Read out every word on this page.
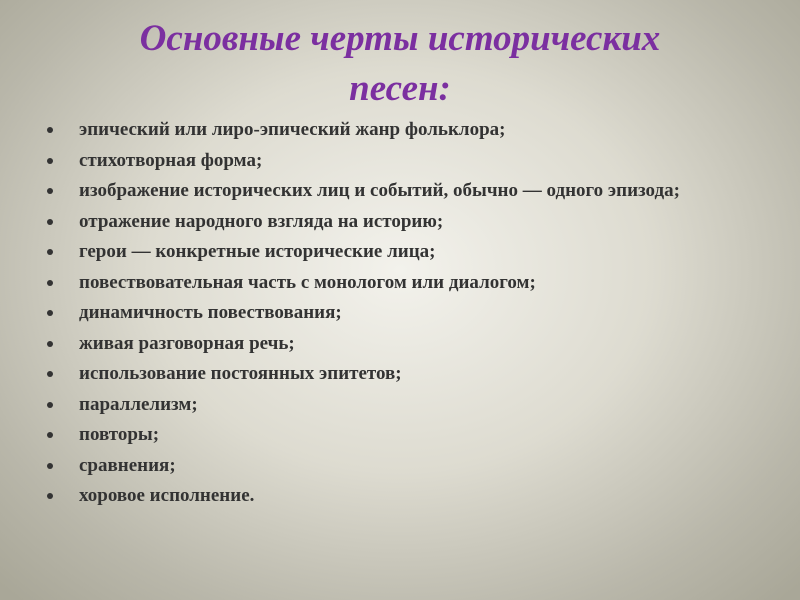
Основные черты исторических
песен:
эпический или лиро-эпический жанр фольклора;
стихотворная форма;
изображение исторических лиц и событий, обычно — одного эпизода;
отражение народного взгляда на историю;
герои — конкретные исторические лица;
повествовательная часть с монологом или диалогом;
динамичность повествования;
живая разговорная речь;
использование постоянных эпитетов;
параллелизм;
повторы;
сравнения;
хоровое исполнение.
